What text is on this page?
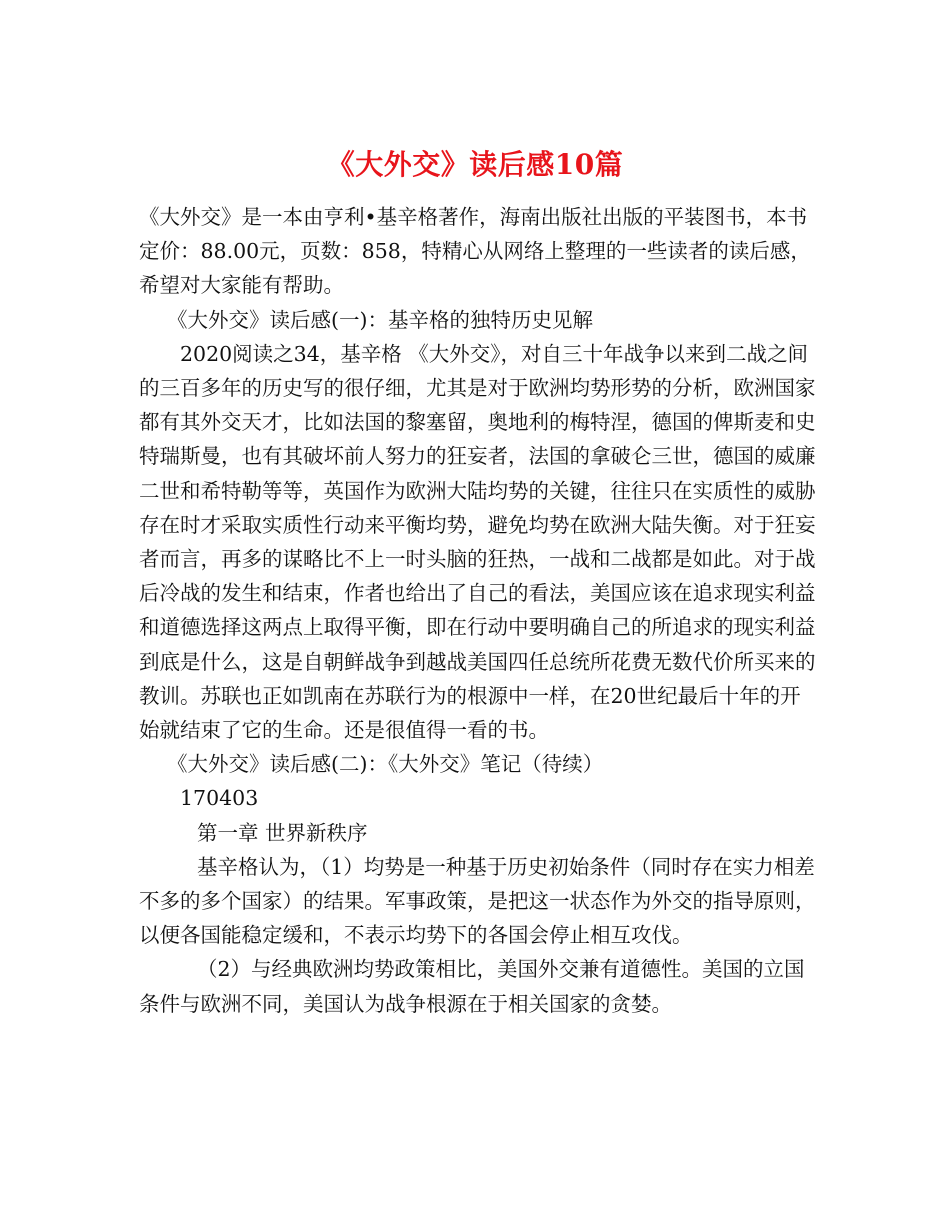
《大外交》读后感10篇

《大外交》是一本由亨利•基辛格著作，海南出版社出版的平装图书，本书定价：88.00元，页数：858，特精心从网络上整理的一些读者的读后感，希望对大家能有帮助。

《大外交》读后感(一)：基辛格的独特历史见解

2020阅读之34，基辛格 《大外交》，对自三十年战争以来到二战之间的三百多年的历史写的很仔细，尤其是对于欧洲均势形势的分析，欧洲国家都有其外交天才，比如法国的黎塞留，奥地利的梅特涅，德国的俾斯麦和史特瑞斯曼，也有其破坏前人努力的狂妄者，法国的拿破仑三世，德国的威廉二世和希特勒等等，英国作为欧洲大陆均势的关键，往往只在实质性的威胁存在时才采取实质性行动来平衡均势，避免均势在欧洲大陆失衡。对于狂妄者而言，再多的谋略比不上一时头脑的狂热，一战和二战都是如此。对于战后冷战的发生和结束，作者也给出了自己的看法，美国应该在追求现实利益和道德选择这两点上取得平衡，即在行动中要明确自己的所追求的现实利益到底是什么，这是自朝鲜战争到越战美国四任总统所花费无数代价所买来的教训。苏联也正如凯南在苏联行为的根源中一样，在20世纪最后十年的开始就结束了它的生命。还是很值得一看的书。

《大外交》读后感(二)：《大外交》笔记（待续）

170403

第一章 世界新秩序

基辛格认为，（1）均势是一种基于历史初始条件（同时存在实力相差不多的多个国家）的结果。军事政策，是把这一状态作为外交的指导原则，以便各国能稳定缓和，不表示均势下的各国会停止相互攻伐。

（2）与经典欧洲均势政策相比，美国外交兼有道德性。美国的立国条件与欧洲不同，美国认为战争根源在于相关国家的贪婪。
